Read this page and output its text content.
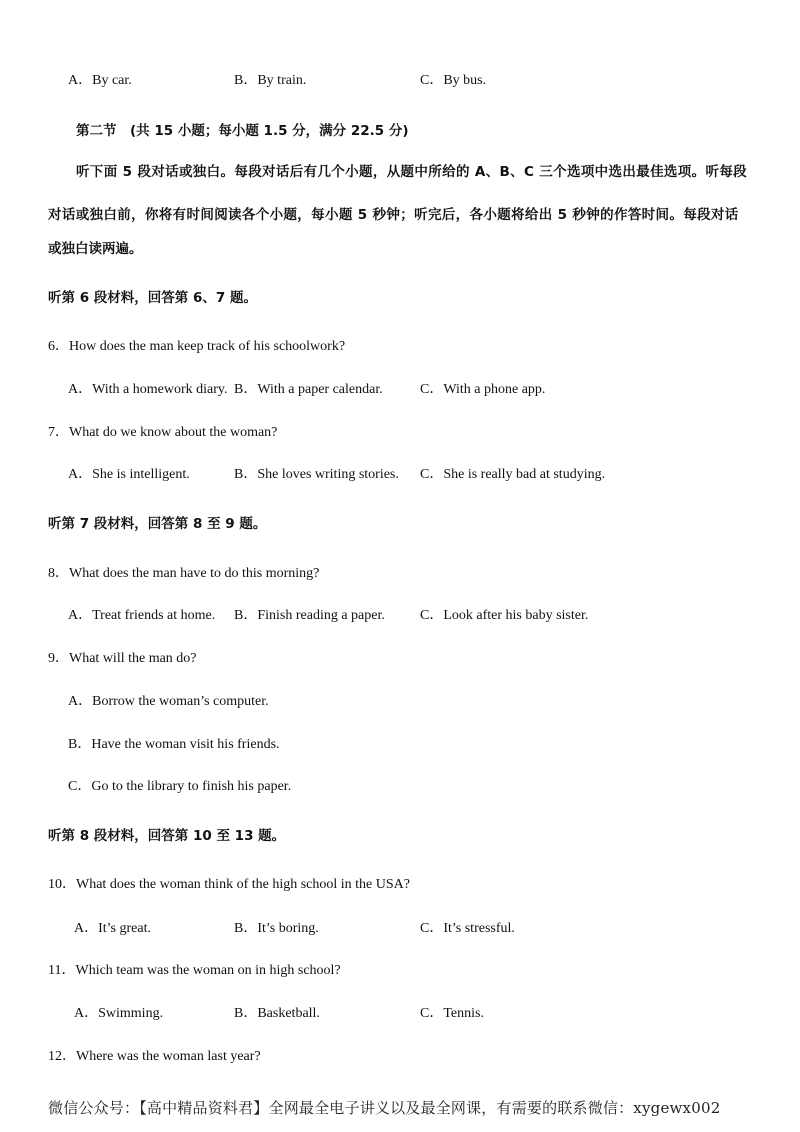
A．By car.	B．By train.	C．By bus.
第二节　(共 15 小题；每小题 1.5 分，满分 22.5 分)
听下面 5 段对话或独白。每段对话后有几个小题，从题中所给的 A、B、C 三个选项中选出最佳选项。听每段
对话或独白前，你将有时间阅读各个小题，每小题 5 秒钟；听完后，各小题将给出 5 秒钟的作答时间。每段对话
或独白读两遍。
听第 6 段材料，回答第 6、7 题。
6．How does the man keep track of his schoolwork?
A．With a homework diary. B．With a paper calendar.	C．With a phone app.
7．What do we know about the woman?
A．She is intelligent.	B．She loves writing stories. C．She is really bad at studying.
听第 7 段材料，回答第 8 至 9 题。
8．What does the man have to do this morning?
A．Treat friends at home. B．Finish reading a paper.	C．Look after his baby sister.
9．What will the man do?
A．Borrow the woman’s computer.
B．Have the woman visit his friends.
C．Go to the library to finish his paper.
听第 8 段材料，回答第 10 至 13 题。
10．What does the woman think of the high school in the USA?
A．It’s great.	B．It’s boring.	C．It’s stressful.
11．Which team was the woman on in high school?
A．Swimming.	B．Basketball.	C．Tennis.
12．Where was the woman last year?
微信公众号：【高中精品资料君】全网最全电子讲义以及最全网课，有需要的联系微信：xygewx002
